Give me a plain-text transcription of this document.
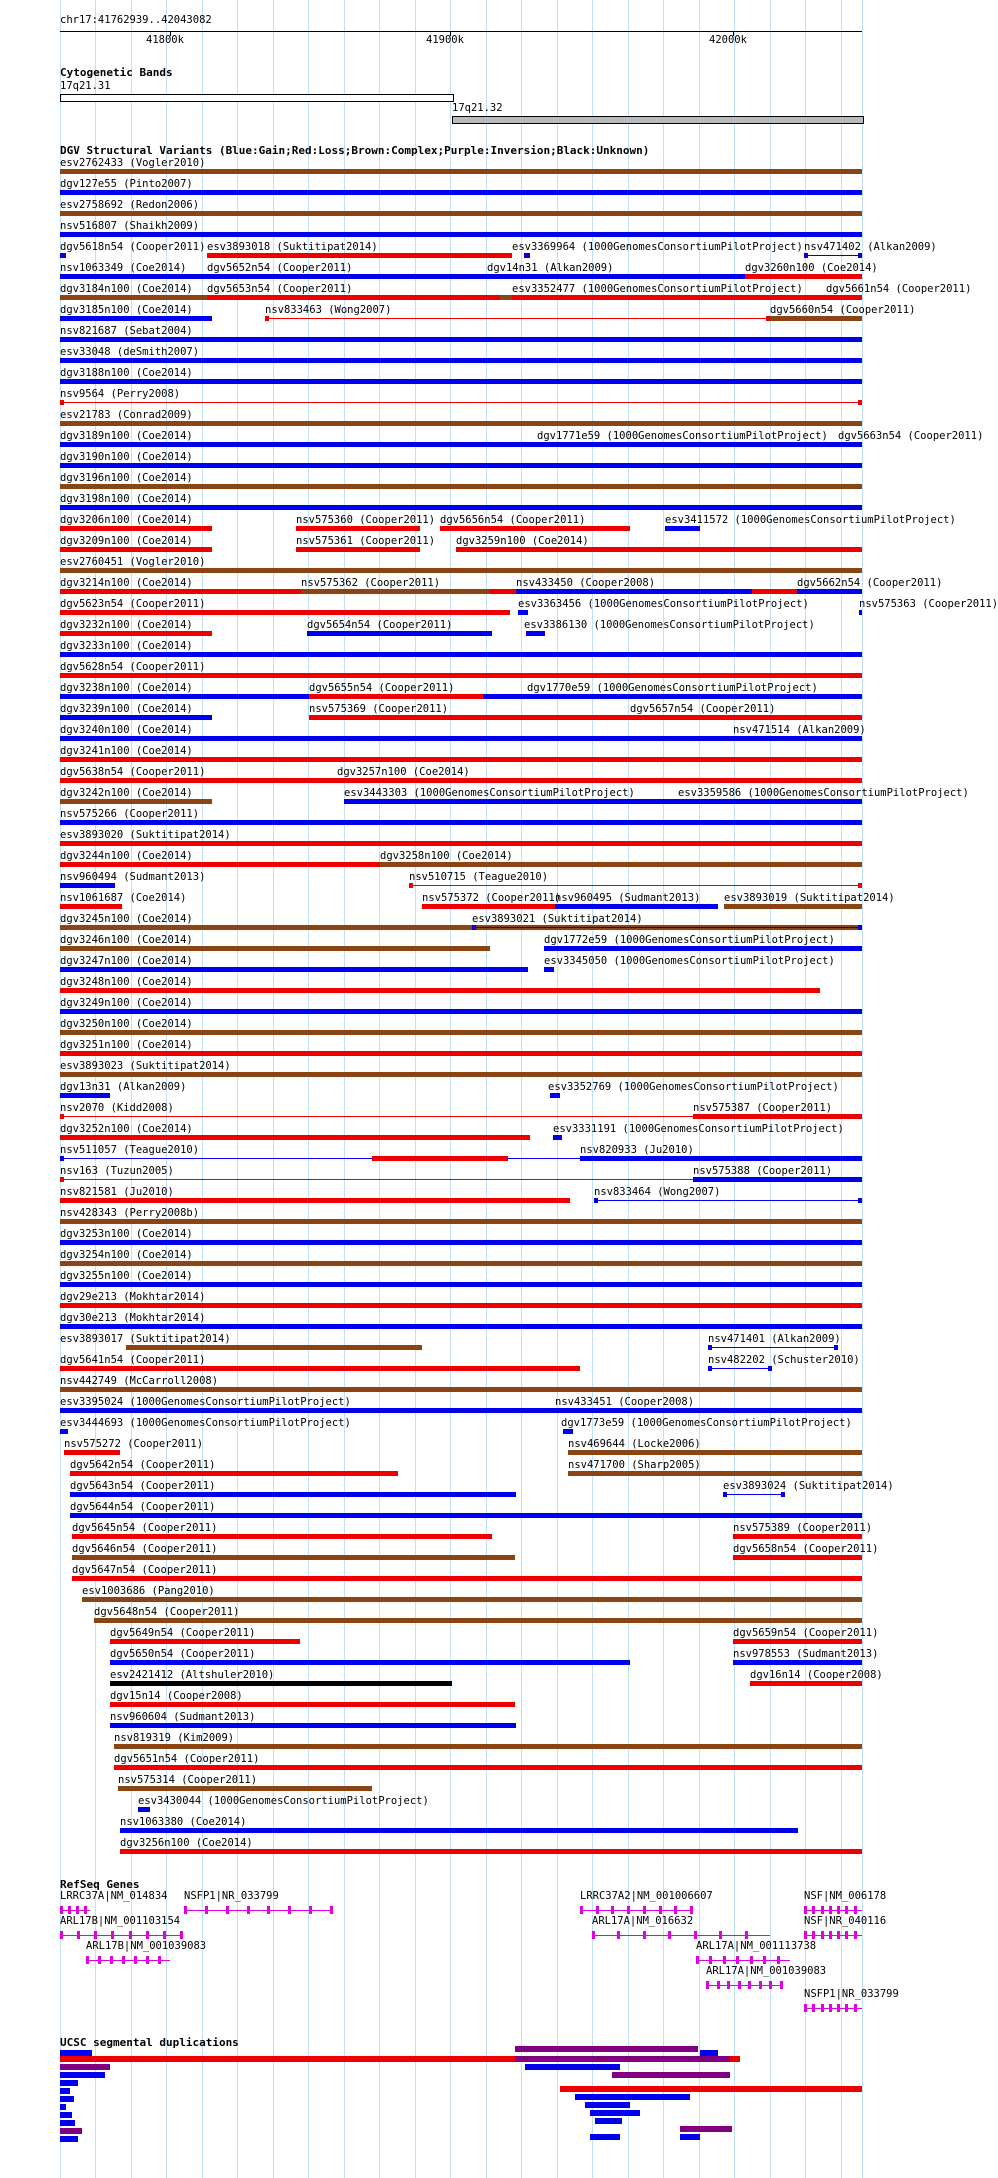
chr17:41762939..42043082
41800k	41900k	42000k
Cytogenetic Bands
17q21.31
17q21.32
DGV Structural Variants (Blue:Gain;Red:Loss;Brown:Complex;Purple:Inversion;Black:Unknown)
esv2762433 (Vogler2010)
dgv127e55 (Pinto2007)
esv2758692 (Redon2006)
nsv516807 (Shaikh2009)
dgv5618n54 (Cooper2011) esv3893018 (Suktitipat2014)	esv3369964 (1000GenomesConsortiumPilotProject) nsv471402 (Alkan2009)
nsv1063349 (Coe2014) dgv5652n54 (Cooper2011)	dgv14n31 (Alkan2009)	dgv3260n100 (Coe2014)
dgv3184n100 (Coe2014) dgv5653n54 (Cooper2011)	esv3352477 (1000GenomesConsortiumPilotProject) dgv5661n54 (Cooper2011)
dgv3185n100 (Coe2014)	nsv833463 (Wong2007)	dgv5660n54 (Cooper2011)
nsv821687 (Sebat2004)
esv33048 (deSmith2007)
dgv3188n100 (Coe2014)
nsv9564 (Perry2008)
esv21783 (Conrad2009)
dgv3189n100 (Coe2014)	dgv1771e59 (1000GenomesConsortiumPilotProject) dgv5663n54 (Cooper2011)
dgv3190n100 (Coe2014)
dgv3196n100 (Coe2014)
dgv3198n100 (Coe2014)
dgv3206n100 (Coe2014)	nsv575360 (Cooper2011) dgv5656n54 (Cooper2011)	esv3411572 (1000GenomesConsortiumPilotProject)
dgv3209n100 (Coe2014)	nsv575361 (Cooper2011) dgv3259n100 (Coe2014)
esv2760451 (Vogler2010)
dgv3214n100 (Coe2014)	nsv575362 (Cooper2011)	nsv433450 (Cooper2008)	dgv5662n54 (Cooper2011)
dgv5623n54 (Cooper2011)	esv3363456 (1000GenomesConsortiumPilotProject)	nsv575363 (Cooper2011)
dgv3232n100 (Coe2014)	dgv5654n54 (Cooper2011)	esv3386130 (1000GenomesConsortiumPilotProject)
dgv3233n100 (Coe2014)
dgv5628n54 (Cooper2011)
dgv3238n100 (Coe2014)	dgv5655n54 (Cooper2011)	dgv1770e59 (1000GenomesConsortiumPilotProject)
dgv3239n100 (Coe2014)	nsv575369 (Cooper2011)	dgv5657n54 (Cooper2011)
dgv3240n100 (Coe2014)	nsv471514 (Alkan2009)
dgv3241n100 (Coe2014)
dgv5638n54 (Cooper2011)	dgv3257n100 (Coe2014)
dgv3242n100 (Coe2014)	esv3443303 (1000GenomesConsortiumPilotProject)	esv3359586 (1000GenomesConsortiumPilotProject)
nsv575266 (Cooper2011)
esv3893020 (Suktitipat2014)
dgv3244n100 (Coe2014)	dgv3258n100 (Coe2014)
nsv960494 (Sudmant2013)	nsv510715 (Teague2010)
nsv1061687 (Coe2014)	nsv575372 (Cooper2011)
nsv960495 (Sudmant2013) esv3893019 (Suktitipat2014)
dgv3245n100 (Coe2014)	esv3893021 (Suktitipat2014)
dgv3246n100 (Coe2014)	dgv1772e59 (1000GenomesConsortiumPilotProject)
dgv3247n100 (Coe2014)	esv3345050 (1000GenomesConsortiumPilotProject)
dgv3248n100 (Coe2014)
dgv3249n100 (Coe2014)
dgv3250n100 (Coe2014)
dgv3251n100 (Coe2014)
esv3893023 (Suktitipat2014)
dgv13n31 (Alkan2009)	esv3352769 (1000GenomesConsortiumPilotProject)
nsv2070 (Kidd2008)	nsv575387 (Cooper2011)
dgv3252n100 (Coe2014)	esv3331191 (1000GenomesConsortiumPilotProject)
nsv511057 (Teague2010)	nsv820933 (Ju2010)
nsv163 (Tuzun2005)	nsv575388 (Cooper2011)
nsv821581 (Ju2010)	nsv833464 (Wong2007)
nsv428343 (Perry2008b)
dgv3253n100 (Coe2014)
dgv3254n100 (Coe2014)
dgv3255n100 (Coe2014)
dgv29e213 (Mokhtar2014)
dgv30e213 (Mokhtar2014)
esv3893017 (Suktitipat2014)	nsv471401 (Alkan2009)
dgv5641n54 (Cooper2011)	nsv482202 (Schuster2010)
nsv442749 (McCarroll2008)
esv3395024 (1000GenomesConsortiumPilotProject)	nsv433451 (Cooper2008)
esv3444693 (1000GenomesConsortiumPilotProject)	dgv1773e59 (1000GenomesConsortiumPilotProject)
nsv575272 (Cooper2011)	nsv469644 (Locke2006)
dgv5642n54 (Cooper2011)	nsv471700 (Sharp2005)
dgv5643n54 (Cooper2011)	esv3893024 (Suktitipat2014)
dgv5644n54 (Cooper2011)
dgv5645n54 (Cooper2011)	nsv575389 (Cooper2011)
dgv5646n54 (Cooper2011)	dgv5658n54 (Cooper2011)
dgv5647n54 (Cooper2011)
esv1003686 (Pang2010)
dgv5648n54 (Cooper2011)
dgv5649n54 (Cooper2011)	dgv5659n54 (Cooper2011)
dgv5650n54 (Cooper2011)	nsv978553 (Sudmant2013)
esv2421412 (Altshuler2010)	dgv16n14 (Cooper2008)
dgv15n14 (Cooper2008)
nsv960604 (Sudmant2013)
nsv819319 (Kim2009)
dgv5651n54 (Cooper2011)
nsv575314 (Cooper2011)
esv3430044 (1000GenomesConsortiumPilotProject)
nsv1063380 (Coe2014)
dgv3256n100 (Coe2014)
RefSeq Genes
LRRC37A|NM_014834 NSFP1|NR_033799	LRRC37A2|NM_001006607	NSF|NM_006178
ARL17B|NM_001103154	ARL17A|NM_016632	NSF|NR_040116
ARL17B|NM_001039083	ARL17A|NM_001113738
ARL17A|NM_001039083
NSFP1|NR_033799
UCSC segmental duplications
